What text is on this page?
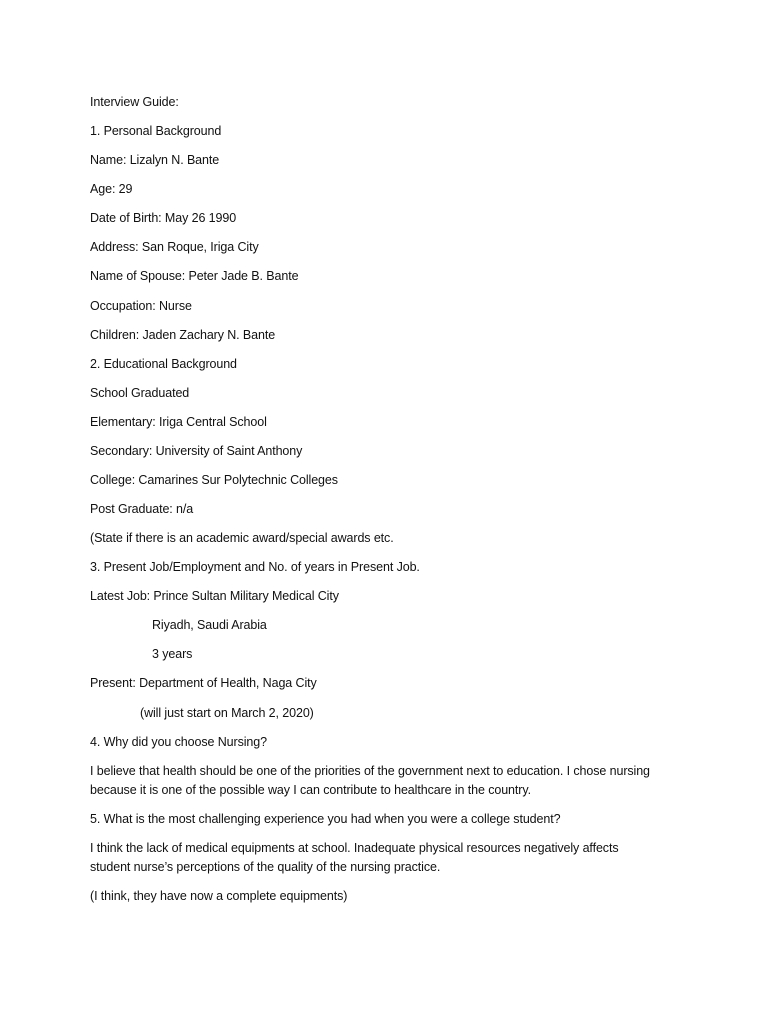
Interview Guide:
1. Personal Background
Name: Lizalyn N. Bante
Age: 29
Date of Birth: May 26 1990
Address: San Roque, Iriga City
Name of Spouse: Peter Jade B. Bante
Occupation: Nurse
Children: Jaden Zachary N. Bante
2. Educational Background
School Graduated
Elementary: Iriga Central School
Secondary: University of Saint Anthony
College: Camarines Sur Polytechnic Colleges
Post Graduate: n/a
(State if there is an academic award/special awards etc.
3. Present Job/Employment and No. of years in Present Job.
Latest Job: Prince Sultan Military Medical City
Riyadh, Saudi Arabia
3 years
Present: Department of Health, Naga City
(will just start on March 2, 2020)
4. Why did you choose Nursing?
I believe that health should be one of the priorities of the government next to education. I chose nursing because it is one of the possible way I can contribute to healthcare in the country.
5. What is the most challenging experience you had when you were a college student?
I think the lack of medical equipments at school. Inadequate physical resources negatively affects student nurse’s perceptions of the quality of the nursing practice.
(I think, they have now a complete equipments)
